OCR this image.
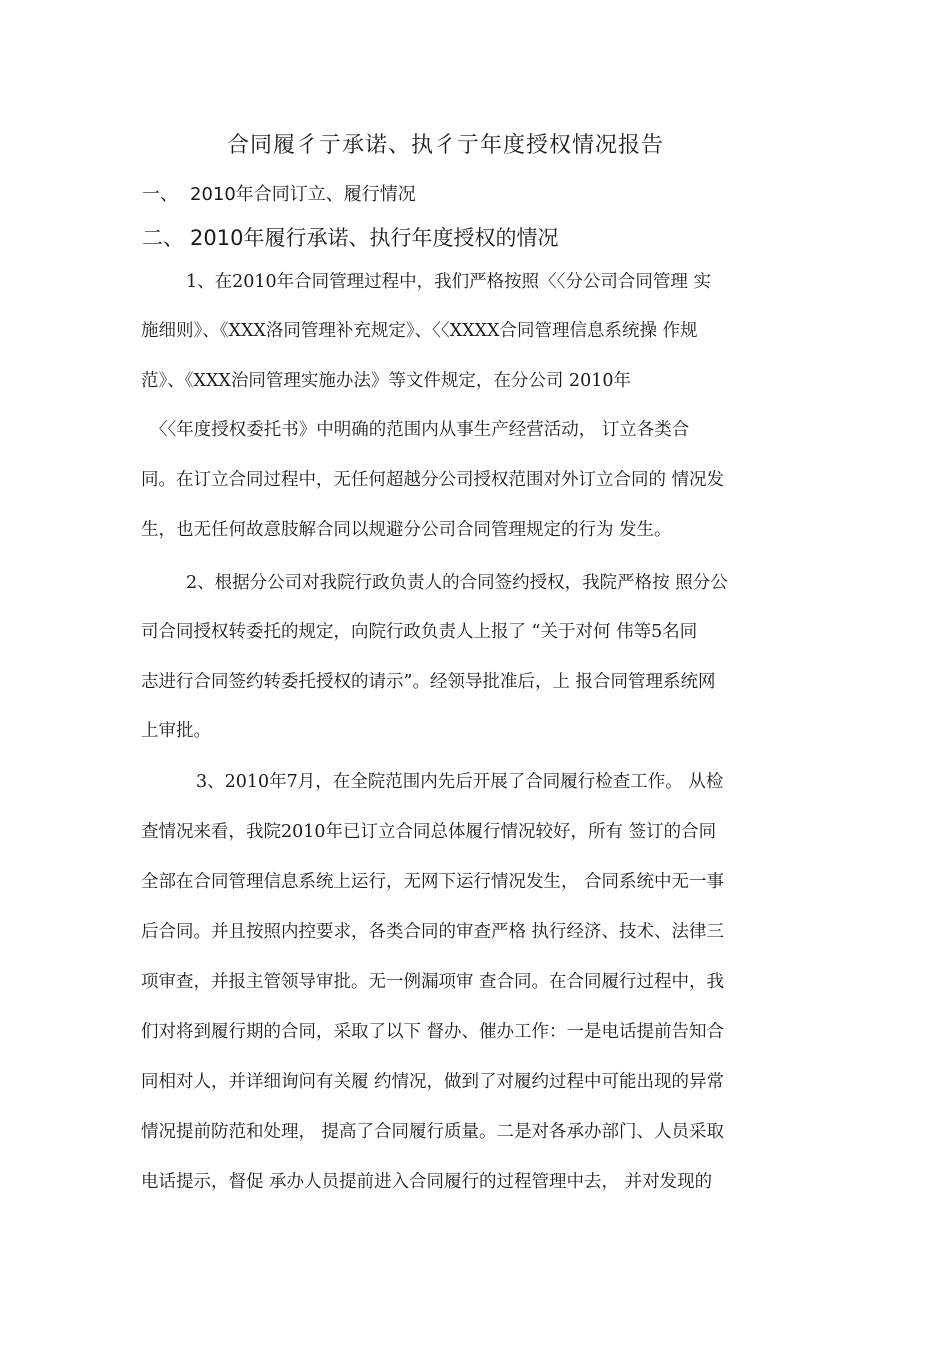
合同履彳亍承诺、执彳亍年度授权情况报告
一、 2010年合同订立、履行情况
二、 2010年履行承诺、执行年度授权的情况

1、在2010年合同管理过程中，我们严格按照〈〈分公司合同管理 实

施细则》、《XXX洛同管理补充规定》、〈〈XXXX合同管理信息系统操 作规

范》、《XXX治同管理实施办法》等文件规定，在分公司 2010年

〈〈年度授权委托书》中明确的范围内从事生产经营活动， 订立各类合

同。在订立合同过程中，无任何超越分公司授权范围对外订立合同的 情况发

生，也无任何故意肢解合同以规避分公司合同管理规定的行为 发生。

2、根据分公司对我院行政负责人的合同签约授权，我院严格按 照分公

司合同授权转委托的规定，向院行政负责人上报了 “关于对何 伟等5名同

志进行合同签约转委托授权的请示”。经领导批准后，上 报合同管理系统网

上审批。

3、2010年7月，在全院范围内先后开展了合同履行检查工作。 从检

查情况来看，我院2010年已订立合同总体履行情况较好，所有 签订的合同

全部在合同管理信息系统上运行，无网下运行情况发生， 合同系统中无一事

后合同。并且按照内控要求，各类合同的审查严格 执行经济、技术、法律三

项审查，并报主管领导审批。无一例漏项审 查合同。在合同履行过程中，我

们对将到履行期的合同，采取了以下 督办、催办工作：一是电话提前告知合

同相对人，并详细询问有关履 约情况，做到了对履约过程中可能出现的异常

情况提前防范和处理， 提高了合同履行质量。二是对各承办部门、人员采取

电话提示，督促 承办人员提前进入合同履行的过程管理中去， 并对发现的
